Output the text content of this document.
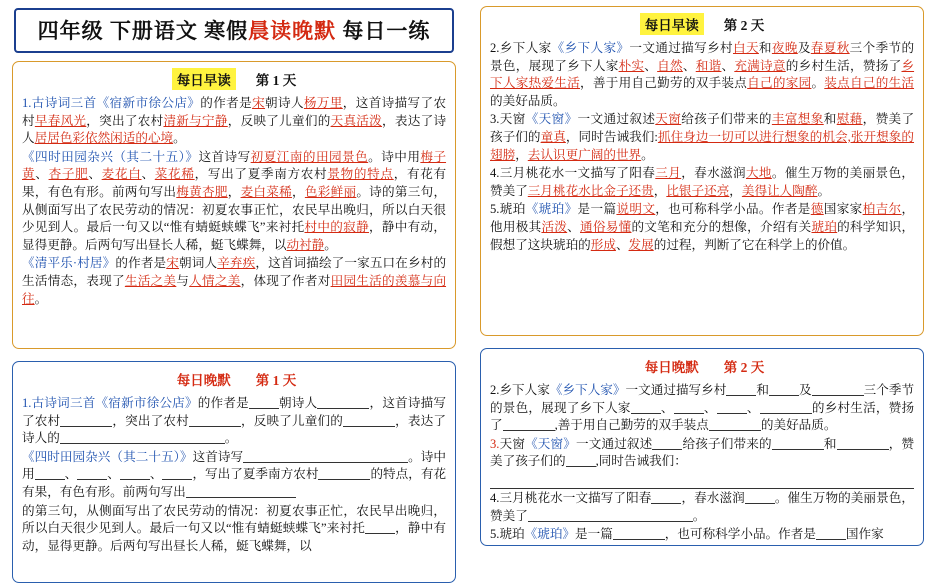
四年级 下册语文 寒假晨读晚默 每日一练
每日早读 第 1 天

1.古诗词三首《宿新市徐公店》的作者是宋朝诗人杨万里，这首诗描写了农村早春风光，突出了农村清新与宁静，反映了儿童们的天真活泼，表达了诗人居居色彩依然闲适的心境。

《四时田园杂兴（其二十五）》这首诗写初夏江南的田园景色。诗中用梅子黄、杏子肥、麦花白、菜花稀，写出了夏季南方农村景物的特点，有花有果，有色有形。前两句写出梅黄杏肥，麦白菜稀，色彩鲜丽。诗的第三句，从侧面写出了农民劳动的情况：初夏农事正忙，农民早出晚归，所以白天很少见到人。最后一句又以“惟有蜻蜓蛱蝶飞”来衬托村中的寂静，静中有动，显得更静。后两句写出昼长人稀，蜓飞蝶舞，以动衬静。

《清平乐·村居》的作者是宋朝词人辛弃疾，这首词描绘了一家五口在乡村的生活情态，表现了生活之美与人情之美，体现了作者对田园生活的羡慕与向往。

每日晚默 第 1 天

1.古诗词三首《宿新市徐公店》的作者是 朝诗人	，这首诗描写了农村	，突出了农村	，反映了儿童们的	，表达了诗人的	。

《四时田园杂兴（其二十五）》这首诗写	。诗中用 、 、 、 ，写出了夏季南方农村	的特点，有花有果，有色有形。前两句写出

的第三句，从侧面写出了农民劳动的情况：初夏农事正忙，农民早出晚归，所以白天很少见到人。最后一句又以“惟有蜻蜓蛱蝶飞”来衬托 ，静中有动，显得更静。后两句写出昼长人稀，蜓飞蝶舞，以

每日早读 第 2 天

2.乡下人家《乡下人家》一文通过描写乡村白天和夜晚及春夏秋三个季节的景色，展现了乡下人家朴实、自然、和谐、充满诗意的乡村生活，赞扬了乡下人家热爱生活，善于用自己勤劳的双手装点自己的家园。装点自己的生活的美好品质。

3.天窗《天窗》一文通过叙述天窗给孩子们带来的丰富想象和慰藉，赞美了孩子们的童真，同时告诫我们:抓住身边一切可以进行想象的机会,张开想象的翅膀，去认识更广阔的世界。

4.三月桃花水一文描写了阳春三月，春水滋润大地。催生万物的美丽景色，赞美了三月桃花水比金子还贵，比银子还亮，美得让人陶醉。

5.琥珀《琥珀》是一篇说明文，也可称科学小品。作者是德国家家柏吉尔，他用极其活泼、通俗易懂的文笔和充分的想像，介绍有关琥珀的科学知识，假想了这块琥珀的形成、发展的过程，判断了它在科学上的价值。

每日晚默 第 2 天

2.乡下人家《乡下人家》一文通过描写乡村 和 及	三个季节的景色，展现了乡下人家 、 、 、	的乡村生活，赞扬了	,善于用自己勤劳的双手装点	的美好品质。

3.天窗《天窗》一文通过叙述 给孩子们带来的	和	，赞美了孩子们的 ,同时告诫我们：

4.三月桃花水一文描写了阳春 ，春水滋润 。催生万物的美丽景色，赞美了	。

5.琥珀《琥珀》是一篇	，也可称科学小品。作者是 国作家
